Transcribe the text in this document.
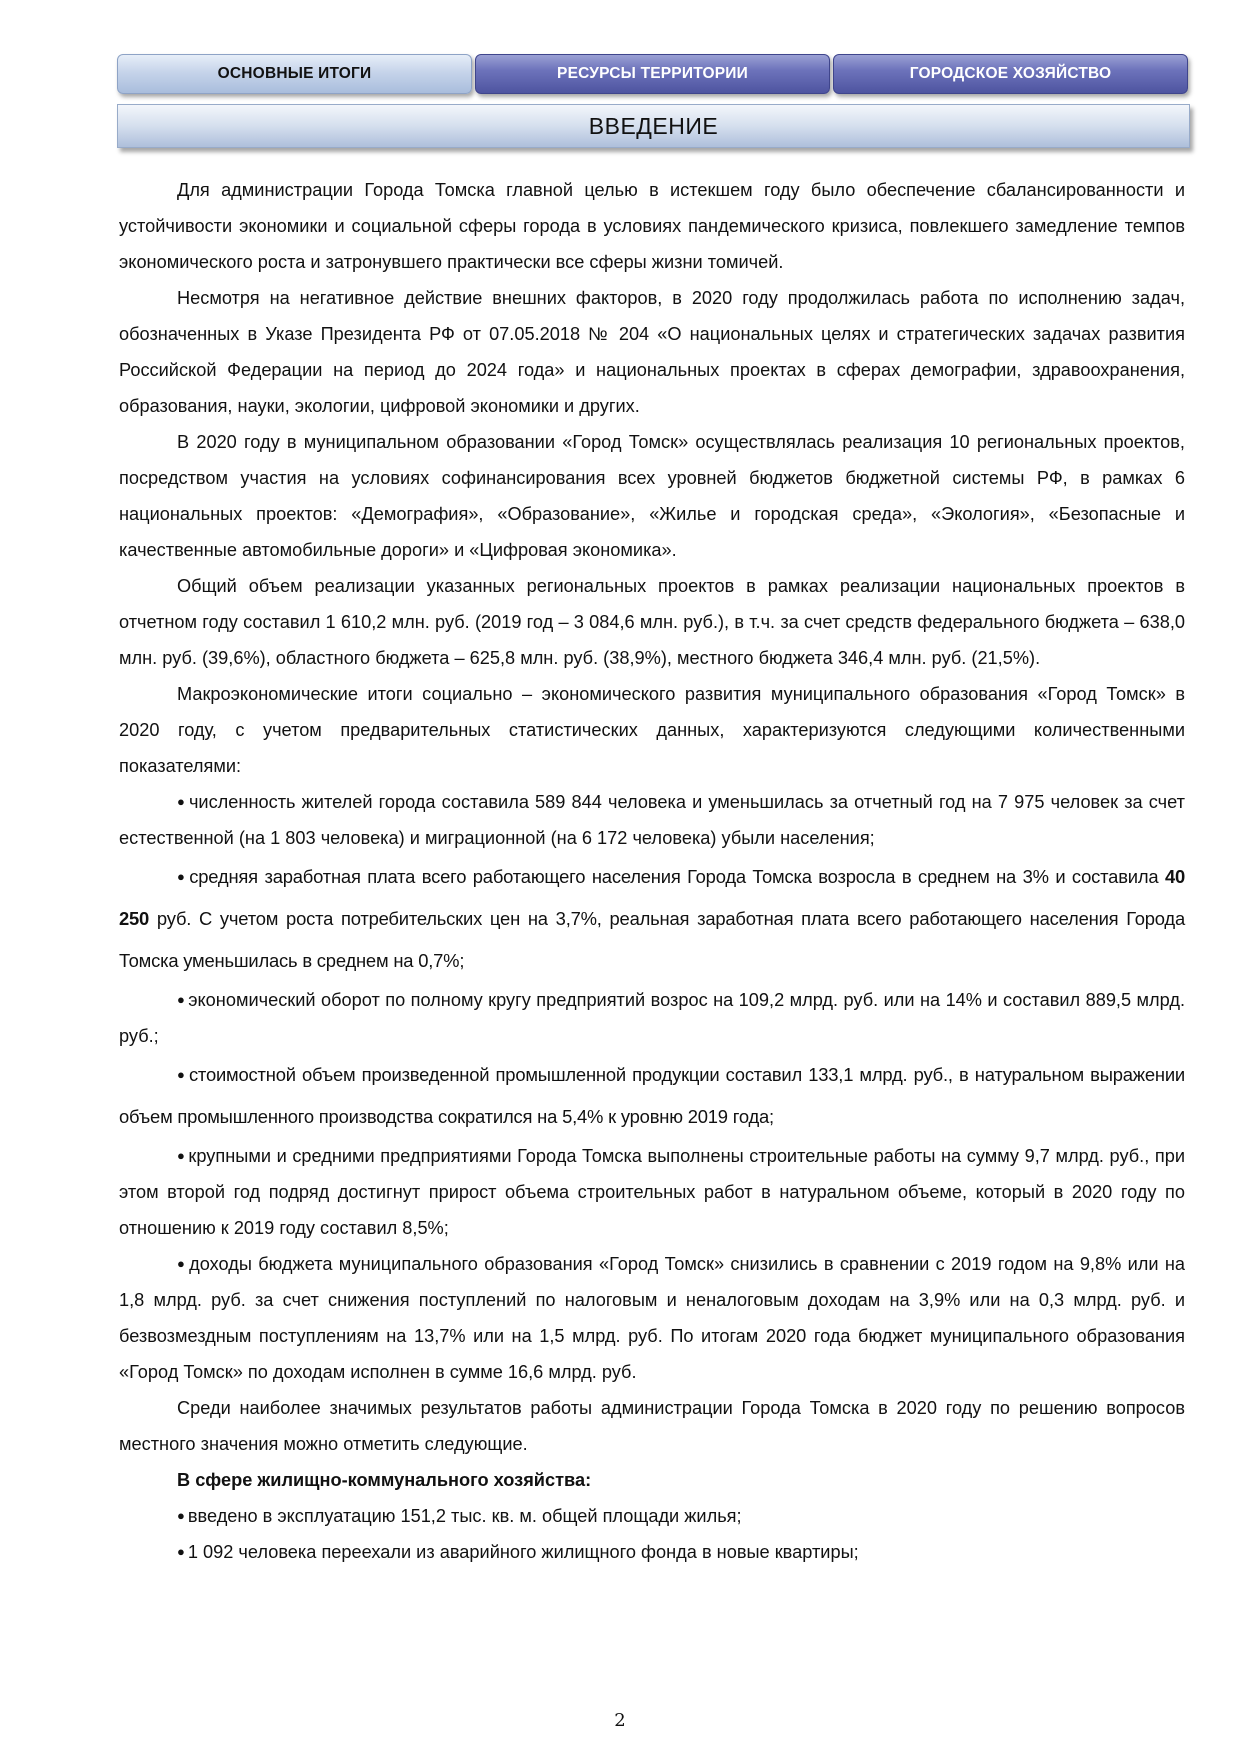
ОСНОВНЫЕ ИТОГИ	РЕСУРСЫ ТЕРРИТОРИИ	ГОРОДСКОЕ ХОЗЯЙСТВО
ВВЕДЕНИЕ

Для администрации Города Томска главной целью в истекшем году было обеспечение сбалансированности и устойчивости экономики и социальной сферы города в условиях пандемического кризиса, повлекшего замедление темпов экономического роста и затронувшего практически все сферы жизни томичей.

Несмотря на негативное действие внешних факторов, в 2020 году продолжилась работа по исполнению задач, обозначенных в Указе Президента РФ от 07.05.2018 № 204 «О национальных целях и стратегических задачах развития Российской Федерации на период до 2024 года» и национальных проектах в сферах демографии, здравоохранения, образования, науки, экологии, цифровой экономики и других.

В 2020 году в муниципальном образовании «Город Томск» осуществлялась реализация 10 региональных проектов, посредством участия на условиях софинансирования всех уровней бюджетов бюджетной системы РФ, в рамках 6 национальных проектов: «Демография», «Образование», «Жилье и городская среда», «Экология», «Безопасные и качественные автомобильные дороги» и «Цифровая экономика».

Общий объем реализации указанных региональных проектов в рамках реализации национальных проектов в отчетном году составил 1 610,2 млн. руб. (2019 год – 3 084,6 млн. руб.), в т.ч. за счет средств федерального бюджета – 638,0 млн. руб. (39,6%), областного бюджета – 625,8 млн. руб. (38,9%), местного бюджета 346,4 млн. руб. (21,5%).

Макроэкономические итоги социально – экономического развития муниципального образования «Город Томск» в 2020 году, с учетом предварительных статистических данных, характеризуются следующими количественными показателями:

● численность жителей города составила 589 844 человека и уменьшилась за отчетный год на 7 975 человек за счет естественной (на 1 803 человека) и миграционной (на 6 172 человека) убыли населения;

● средняя заработная плата всего работающего населения Города Томска возросла в среднем на 3% и составила 40 250 руб. С учетом роста потребительских цен на 3,7%, реальная заработная плата всего работающего населения Города Томска уменьшилась в среднем на 0,7%;

● экономический оборот по полному кругу предприятий возрос на 109,2 млрд. руб. или на 14% и составил 889,5 млрд. руб.;

● стоимостной объем произведенной промышленной продукции составил 133,1 млрд. руб., в натуральном выражении объем промышленного производства сократился на 5,4% к уровню 2019 года;

● крупными и средними предприятиями Города Томска выполнены строительные работы на сумму 9,7 млрд. руб., при этом второй год подряд достигнут прирост объема строительных работ в натуральном объеме, который в 2020 году по отношению к 2019 году составил 8,5%;

● доходы бюджета муниципального образования «Город Томск» снизились в сравнении с 2019 годом на 9,8% или на 1,8 млрд. руб. за счет снижения поступлений по налоговым и неналоговым доходам на 3,9% или на 0,3 млрд. руб. и безвозмездным поступлениям на 13,7% или на 1,5 млрд. руб. По итогам 2020 года бюджет муниципального образования «Город Томск» по доходам исполнен в сумме 16,6 млрд. руб.

Среди наиболее значимых результатов работы администрации Города Томска в 2020 году по решению вопросов местного значения можно отметить следующие.

В сфере жилищно-коммунального хозяйства:

● введено в эксплуатацию 151,2 тыс. кв. м. общей площади жилья;

● 1 092 человека переехали из аварийного жилищного фонда в новые квартиры;

2
